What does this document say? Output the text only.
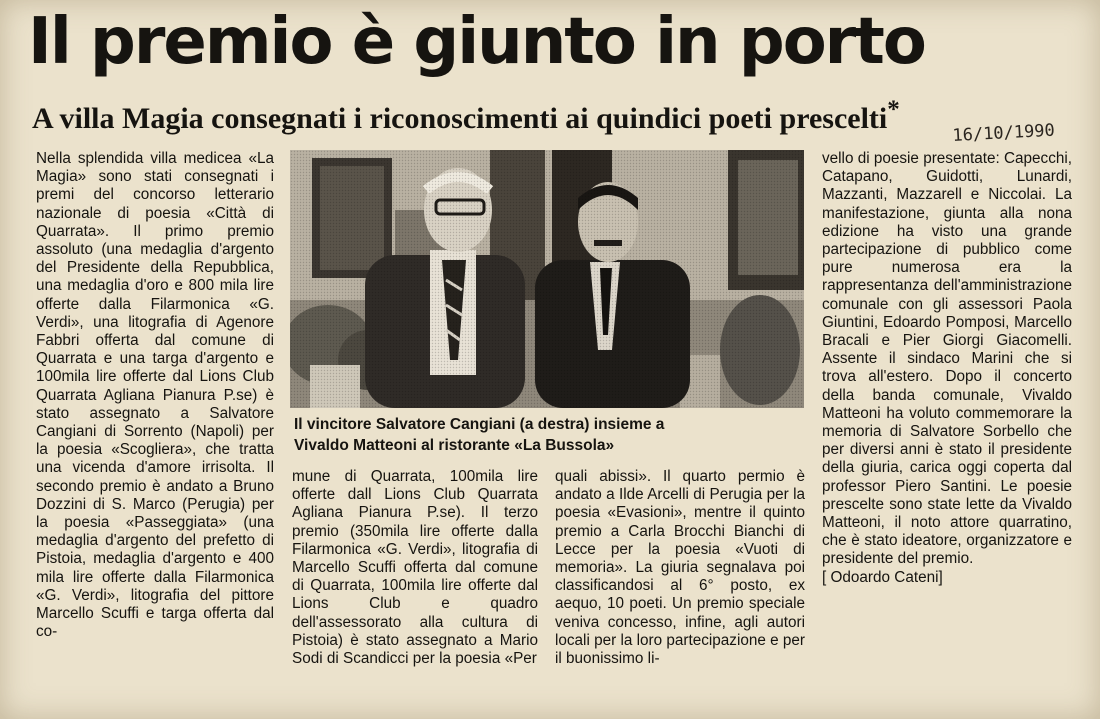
Il premio è giunto in porto
A villa Magia consegnati i riconoscimenti ai quindici poeti prescelti*
16/10/1990

Nella splendida villa medicea «La Magia» sono stati consegnati i premi del concorso letterario nazionale di poesia «Città di Quarrata». Il primo premio assoluto (una medaglia d'argento del Presidente della Repubblica, una medaglia d'oro e 800 mila lire offerte dalla Filarmonica «G. Verdi», una litografia di Agenore Fabbri offerta dal comune di Quarrata e una targa d'argento e 100mila lire offerte dal Lions Club Quarrata Agliana Pianura P.se) è stato assegnato a Salvatore Cangiani di Sorrento (Napoli) per la poesia «Scogliera», che tratta una vicenda d'amore irrisolta. Il secondo premio è andato a Bruno Dozzini di S. Marco (Perugia) per la poesia «Passeggiata» (una medaglia d'argento del prefetto di Pistoia, medaglia d'argento e 400 mila lire offerte dalla Filarmonica «G. Verdi», litografia del pittore Marcello Scuffi e targa offerta dal co-

Il vincitore Salvatore Cangiani (a destra) insieme a
Vivaldo Matteoni al ristorante «La Bussola»

mune di Quarrata, 100mila lire offerte dall Lions Club Quarrata Agliana Pianura P.se). Il terzo premio (350mila lire offerte dalla Filarmonica «G. Verdi», litografia di Marcello Scuffi offerta dal comune di Quarrata, 100mila lire offerte dal Lions Club e quadro dell'assessorato alla cultura di Pistoia) è stato assegnato a Mario Sodi di Scandicci per la poesia «Per

quali abissi». Il quarto permio è andato a Ilde Arcelli di Perugia per la poesia «Evasioni», mentre il quinto premio a Carla Brocchi Bianchi di Lecce per la poesia «Vuoti di memoria». La giuria segnalava poi classificandosi al 6° posto, ex aequo, 10 poeti. Un premio speciale veniva concesso, infine, agli autori locali per la loro partecipazione e per il buonissimo li-

vello di poesie presentate: Capecchi, Catapano, Guidotti, Lunardi, Mazzanti, Mazzarell e Niccolai. La manifestazione, giunta alla nona edizione ha visto una grande partecipazione di pubblico come pure numerosa era la rappresentanza dell'amministrazione comunale con gli assessori Paola Giuntini, Edoardo Pomposi, Marcello Bracali e Pier Giorgi Giacomelli. Assente il sindaco Marini che si trova all'estero. Dopo il concerto della banda comunale, Vivaldo Matteoni ha voluto commemorare la memoria di Salvatore Sorbello che per diversi anni è stato il presidente della giuria, carica oggi coperta dal professor Piero Santini. Le poesie prescelte sono state lette da Vivaldo Matteoni, il noto attore quarratino, che è stato ideatore, organizzatore e presidente del premio.

[ Odoardo Cateni]
